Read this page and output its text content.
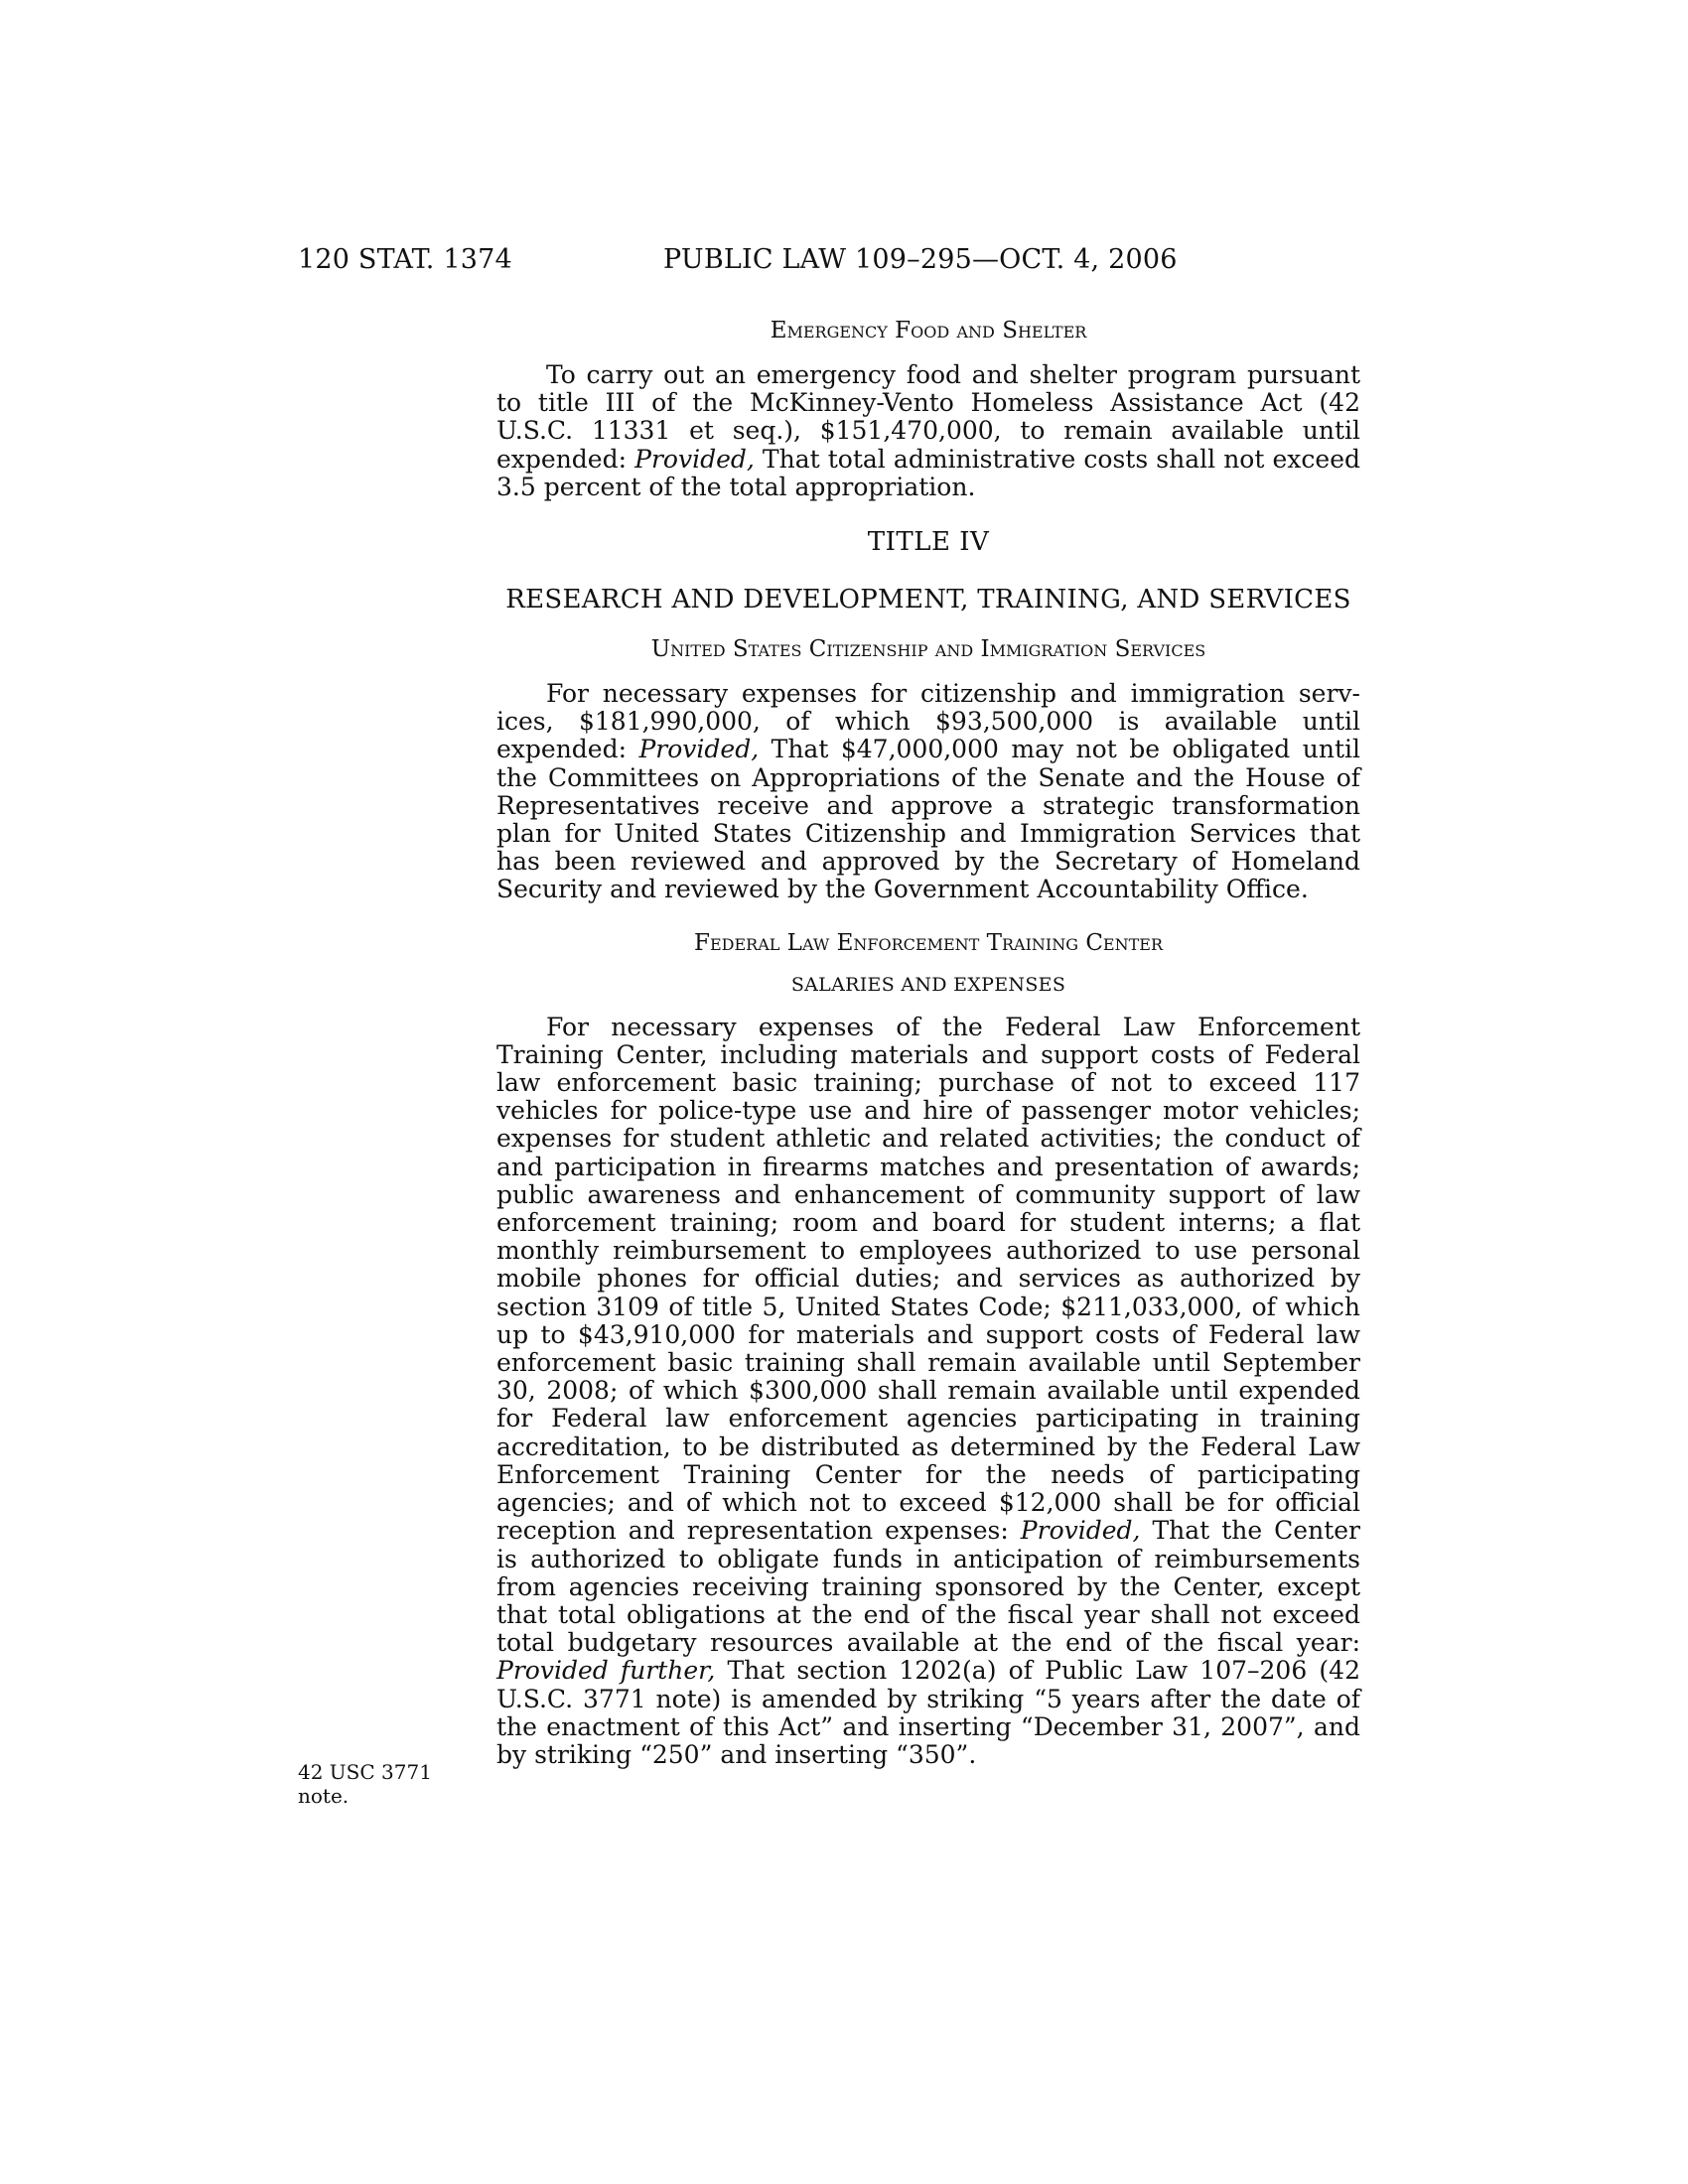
120 STAT. 1374	PUBLIC LAW 109–295—OCT. 4, 2006

Emergency Food and Shelter

To carry out an emergency food and shelter program pursuant to title III of the McKinney-Vento Homeless Assistance Act (42 U.S.C. 11331 et seq.), $151,470,000, to remain available until expended: Provided, That total administrative costs shall not exceed 3.5 percent of the total appropriation.

TITLE IV

RESEARCH AND DEVELOPMENT, TRAINING, AND SERVICES

United States Citizenship and Immigration Services

For necessary expenses for citizenship and immigration services, $181,990,000, of which $93,500,000 is available until expended: Provided, That $47,000,000 may not be obligated until the Committees on Appropriations of the Senate and the House of Representatives receive and approve a strategic transformation plan for United States Citizenship and Immigration Services that has been reviewed and approved by the Secretary of Homeland Security and reviewed by the Government Accountability Office.

Federal Law Enforcement Training Center

SALARIES AND EXPENSES

For necessary expenses of the Federal Law Enforcement Training Center, including materials and support costs of Federal law enforcement basic training; purchase of not to exceed 117 vehicles for police-type use and hire of passenger motor vehicles; expenses for student athletic and related activities; the conduct of and participation in firearms matches and presentation of awards; public awareness and enhancement of community support of law enforcement training; room and board for student interns; a flat monthly reimbursement to employees authorized to use personal mobile phones for official duties; and services as authorized by section 3109 of title 5, United States Code; $211,033,000, of which up to $43,910,000 for materials and support costs of Federal law enforcement basic training shall remain available until September 30, 2008; of which $300,000 shall remain available until expended for Federal law enforcement agencies participating in training accreditation, to be distributed as determined by the Federal Law Enforcement Training Center for the needs of participating agencies; and of which not to exceed $12,000 shall be for official reception and representation expenses: Provided, That the Center is authorized to obligate funds in anticipation of reimbursements from agencies receiving training sponsored by the Center, except that total obligations at the end of the fiscal year shall not exceed total budgetary resources available at the end of the fiscal year: Provided further, That section 1202(a) of Public Law 107–206 (42 U.S.C. 3771 note) is amended by striking “5 years after the date of the enactment of this Act” and inserting “December 31, 2007”, and by striking “250” and inserting “350”.

42 USC 3771 note.
